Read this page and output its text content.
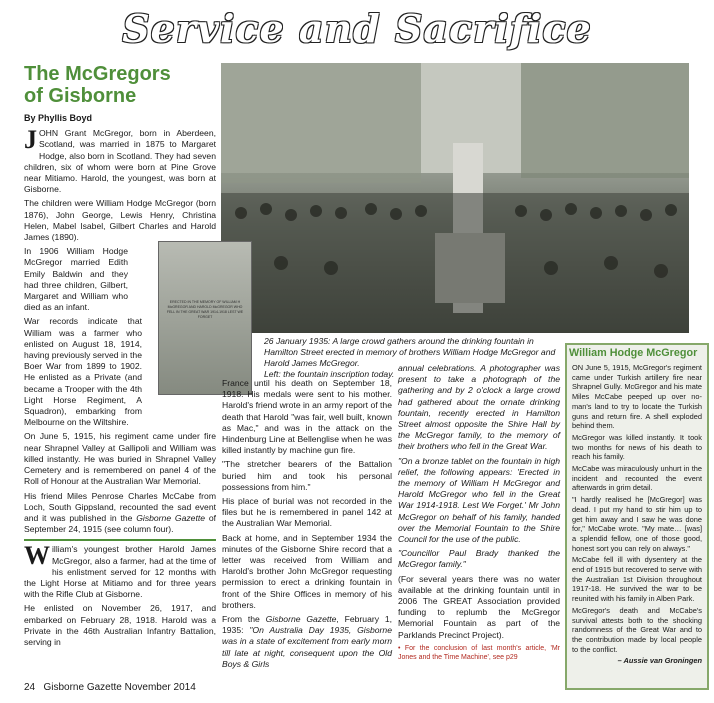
Service and Sacrifice
ERECTED IN THE MEMORY OF WILLIAM H McGREGOR AND HAROLD McGREGOR WHO FELL IN THE GREAT WAR 1914-1918 LEST WE FORGET
26 January 1935: A large crowd gathers around the drinking fountain in Hamilton Street erected in memory of brothers William Hodge McGregor and Harold James McGregor.
Left: the fountain inscription today.
The McGregors
of Gisborne
By Phyllis Boyd

JOHN Grant McGregor, born in Aberdeen, Scotland, was married in 1875 to Margaret Hodge, also born in Scotland. They had seven children, six of whom were born at Pine Grove near Mitiamo. Harold, the youngest, was born at Gisborne.

The children were William Hodge McGregor (born 1876), John George, Lewis Henry, Christina Helen, Mabel Isabel, Gilbert Charles and Harold James (1890).

In 1906 William Hodge McGregor married Edith Emily Baldwin and they had three children, Gilbert, Margaret and William who died as an infant.

War records indicate that William was a farmer who enlisted on August 18, 1914, having previously served in the Boer War from 1899 to 1902. He enlisted as a Private (and became a Trooper with the 4th Light Horse Regiment, A Squadron), embarking from Melbourne on the Wiltshire.

On June 5, 1915, his regiment came under fire near Shrapnel Valley at Gallipoli and William was killed instantly. He was buried in Shrapnel Valley Cemetery and is remembered on panel 4 of the Roll of Honour at the Australian War Memorial.

His friend Miles Penrose Charles McCabe from Loch, South Gippsland, recounted the sad event and it was published in the Gisborne Gazette of September 24, 1915 (see column four).

William's youngest brother Harold James McGregor, also a farmer, had at the time of his enlistment served for 12 months with the Light Horse at Mitiamo and for three years with the Rifle Club at Gisborne.

He enlisted on November 26, 1917, and embarked on February 28, 1918. Harold was a Private in the 46th Australian Infantry Battalion, serving in

France until his death on September 18, 1918. His medals were sent to his mother. Harold's friend wrote in an army report of the death that Harold "was fair, well built, known as Mac," and was in the attack on the Hindenburg Line at Bellenglise when he was killed instantly by machine gun fire.

"The stretcher bearers of the Battalion buried him and took his personal possessions from him."

His place of burial was not recorded in the files but he is remembered in panel 142 at the Australian War Memorial.

Back at home, and in September 1934 the minutes of the Gisborne Shire record that a letter was received from William and Harold's brother John McGregor requesting permission to erect a drinking fountain in front of the Shire Offices in memory of his brothers.

From the Gisborne Gazette, February 1, 1935: "On Australia Day 1935, Gisborne was in a state of excitement from early morn till late at night, consequent upon the Old Boys & Girls

annual celebrations. A photographer was present to take a photograph of the gathering and by 2 o'clock a large crowd had gathered about the ornate drinking fountain, recently erected in Hamilton Street almost opposite the Shire Hall by the McGregor family, to the memory of their brothers who fell in the Great War.

"On a bronze tablet on the fountain in high relief, the following appears: 'Erected in the memory of William H McGregor and Harold McGregor who fell in the Great War 1914-1918. Lest We Forget.' Mr John McGregor on behalf of his family, handed over the Memorial Fountain to the Shire Council for the use of the public.

"Councillor Paul Brady thanked the McGregor family."

(For several years there was no water available at the drinking fountain until in 2006 The GREAT Association provided funding to replumb the McGregor Memorial Fountain as part of the Parklands Precinct Project).

• For the conclusion of last month's article, 'Mr Jones and the Time Machine', see p29

William Hodge McGregor

ON June 5, 1915, McGregor's regiment came under Turkish artillery fire near Shrapnel Gully. McGregor and his mate Miles McCabe peeped up over no-man's land to try to locate the Turkish guns and return fire. A shell exploded behind them.

McGregor was killed instantly. It took two months for news of his death to reach his family.

McCabe was miraculously unhurt in the incident and recounted the event afterwards in grim detail.

"I hardly realised he [McGregor] was dead. I put my hand to stir him up to get him away and I saw he was done for," McCabe wrote. "My mate… [was] a splendid fellow, one of those good, honest sort you can rely on always."

McCabe fell ill with dysentery at the end of 1915 but recovered to serve with the Australian 1st Division throughout 1917-18. He survived the war to be reunited with his family in Alben Park.

McGregor's death and McCabe's survival attests both to the shocking randomness of the Great War and to the contribution made by local people to the conflict.

– Aussie van Groningen

24 Gisborne Gazette November 2014
